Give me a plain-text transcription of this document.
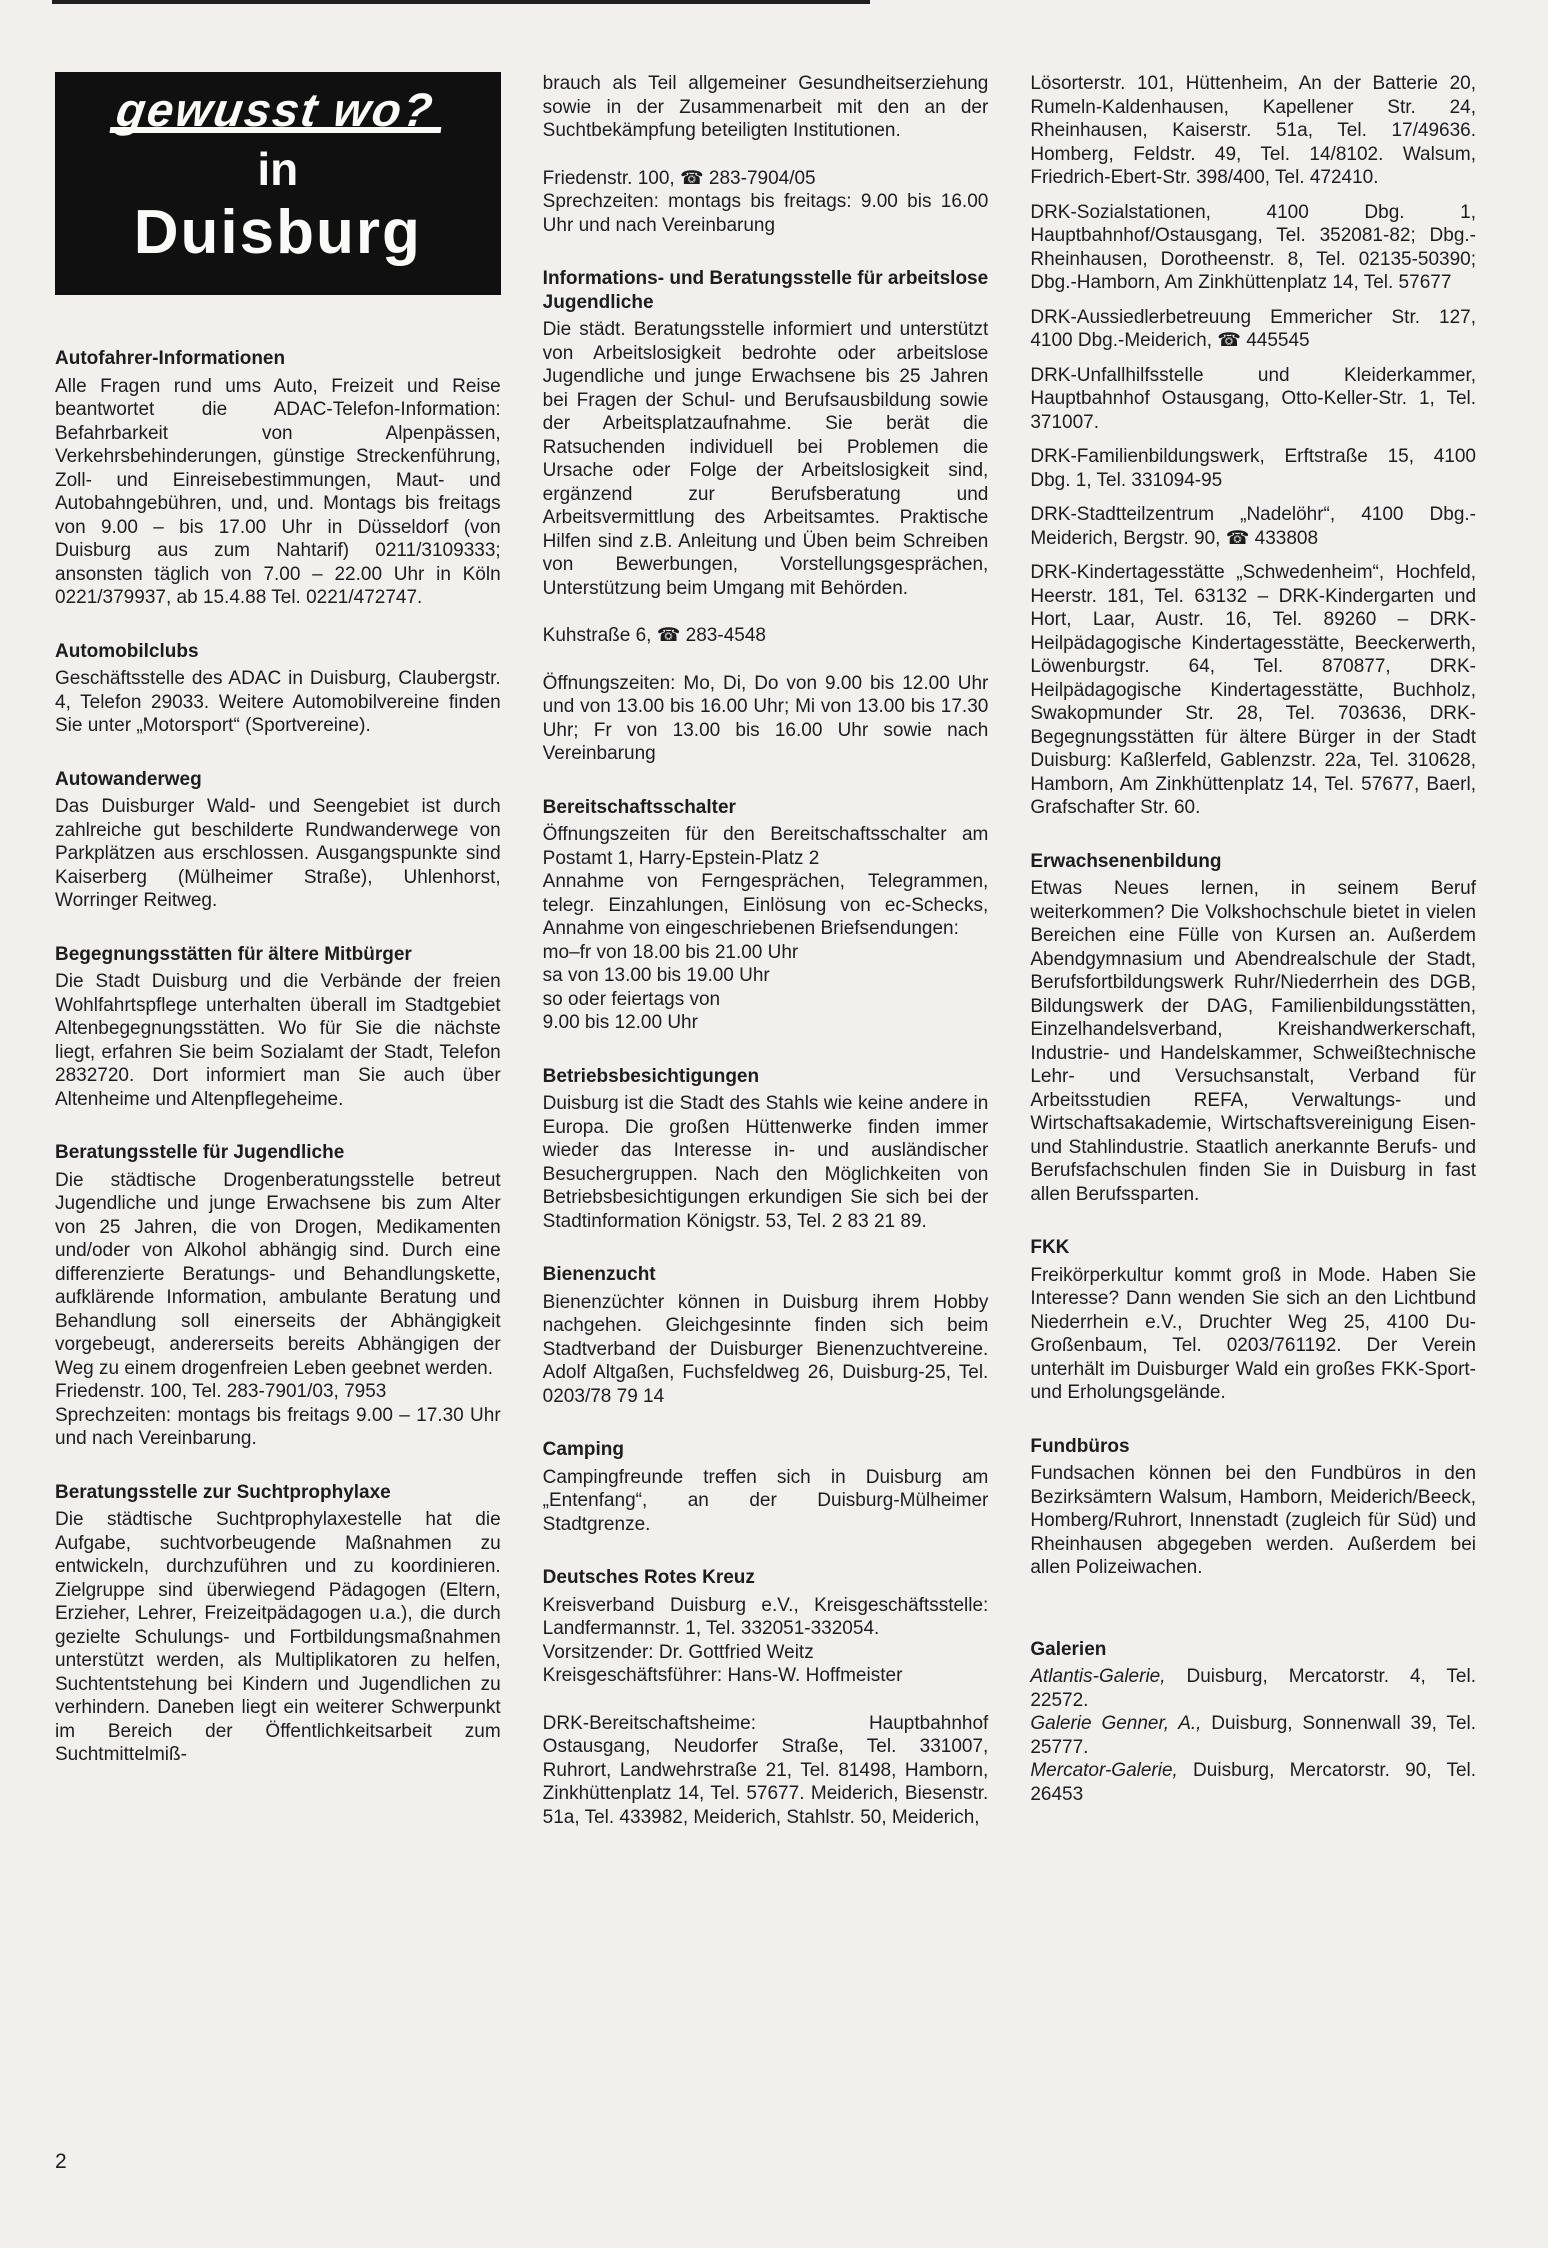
gewusst wo?
in
Duisburg
Autofahrer-Informationen

Alle Fragen rund ums Auto, Freizeit und Reise beantwortet die ADAC-Telefon-Information: Befahrbarkeit von Alpenpässen, Verkehrsbehinderungen, günstige Streckenführung, Zoll- und Einreisebestimmungen, Maut- und Autobahngebühren, und, und. Montags bis freitags von 9.00 – bis 17.00 Uhr in Düsseldorf (von Duisburg aus zum Nahtarif) 0211/3109333; ansonsten täglich von 7.00 – 22.00 Uhr in Köln 0221/379937, ab 15.4.88 Tel. 0221/472747.

Automobilclubs

Geschäftsstelle des ADAC in Duisburg, Claubergstr. 4, Telefon 29033. Weitere Automobilvereine finden Sie unter „Motorsport“ (Sportvereine).

Autowanderweg

Das Duisburger Wald- und Seengebiet ist durch zahlreiche gut beschilderte Rundwanderwege von Parkplätzen aus erschlossen. Ausgangspunkte sind Kaiserberg (Mülheimer Straße), Uhlenhorst, Worringer Reitweg.

Begegnungsstätten für ältere Mitbürger

Die Stadt Duisburg und die Verbände der freien Wohlfahrtspflege unterhalten überall im Stadtgebiet Altenbegegnungsstätten. Wo für Sie die nächste liegt, erfahren Sie beim Sozialamt der Stadt, Telefon 2832720. Dort informiert man Sie auch über Altenheime und Altenpflegeheime.

Beratungsstelle für Jugendliche

Die städtische Drogenberatungsstelle betreut Jugendliche und junge Erwachsene bis zum Alter von 25 Jahren, die von Drogen, Medikamenten und/oder von Alkohol abhängig sind. Durch eine differenzierte Beratungs- und Behandlungskette, aufklärende Information, ambulante Beratung und Behandlung soll einerseits der Abhängigkeit vorgebeugt, andererseits bereits Abhängigen der Weg zu einem drogenfreien Leben geebnet werden.

Friedenstr. 100, Tel. 283-7901/03, 7953

Sprechzeiten: montags bis freitags 9.00 – 17.30 Uhr und nach Vereinbarung.

Beratungsstelle zur Suchtprophylaxe

Die städtische Suchtprophylaxestelle hat die Aufgabe, suchtvorbeugende Maßnahmen zu entwickeln, durchzuführen und zu koordinieren. Zielgruppe sind überwiegend Pädagogen (Eltern, Erzieher, Lehrer, Freizeitpädagogen u.a.), die durch gezielte Schulungs- und Fortbildungsmaßnahmen unterstützt werden, als Multiplikatoren zu helfen, Suchtentstehung bei Kindern und Jugendlichen zu verhindern. Daneben liegt ein weiterer Schwerpunkt im Bereich der Öffentlichkeitsarbeit zum Suchtmittelmiß-

brauch als Teil allgemeiner Gesundheitserziehung sowie in der Zusammenarbeit mit den an der Suchtbekämpfung beteiligten Institutionen.

Friedenstr. 100, ☎ 283-7904/05

Sprechzeiten: montags bis freitags: 9.00 bis 16.00 Uhr und nach Vereinbarung

Informations- und Beratungsstelle für arbeitslose Jugendliche

Die städt. Beratungsstelle informiert und unterstützt von Arbeitslosigkeit bedrohte oder arbeitslose Jugendliche und junge Erwachsene bis 25 Jahren bei Fragen der Schul- und Berufsausbildung sowie der Arbeitsplatzaufnahme. Sie berät die Ratsuchenden individuell bei Problemen die Ursache oder Folge der Arbeitslosigkeit sind, ergänzend zur Berufsberatung und Arbeitsvermittlung des Arbeitsamtes. Praktische Hilfen sind z.B. Anleitung und Üben beim Schreiben von Bewerbungen, Vorstellungsgesprächen, Unterstützung beim Umgang mit Behörden.

Kuhstraße 6, ☎ 283-4548

Öffnungszeiten: Mo, Di, Do von 9.00 bis 12.00 Uhr und von 13.00 bis 16.00 Uhr; Mi von 13.00 bis 17.30 Uhr; Fr von 13.00 bis 16.00 Uhr sowie nach Vereinbarung

Bereitschaftsschalter

Öffnungszeiten für den Bereitschaftsschalter am Postamt 1, Harry-Epstein-Platz 2

Annahme von Ferngesprächen, Telegrammen, telegr. Einzahlungen, Einlösung von ec-Schecks, Annahme von eingeschriebenen Briefsendungen:

mo–fr von 18.00 bis 21.00 Uhr

sa von 13.00 bis 19.00 Uhr

so oder feiertags von

9.00 bis 12.00 Uhr

Betriebsbesichtigungen

Duisburg ist die Stadt des Stahls wie keine andere in Europa. Die großen Hüttenwerke finden immer wieder das Interesse in- und ausländischer Besuchergruppen. Nach den Möglichkeiten von Betriebsbesichtigungen erkundigen Sie sich bei der Stadtinformation Königstr. 53, Tel. 2 83 21 89.

Bienenzucht

Bienenzüchter können in Duisburg ihrem Hobby nachgehen. Gleichgesinnte finden sich beim Stadtverband der Duisburger Bienenzuchtvereine. Adolf Altgaßen, Fuchsfeldweg 26, Duisburg-25, Tel. 0203/78 79 14

Camping

Campingfreunde treffen sich in Duisburg am „Entenfang“, an der Duisburg-Mülheimer Stadtgrenze.

Deutsches Rotes Kreuz

Kreisverband Duisburg e.V., Kreisgeschäftsstelle: Landfermannstr. 1, Tel. 332051-332054.

Vorsitzender: Dr. Gottfried Weitz

Kreisgeschäftsführer: Hans-W. Hoffmeister

DRK-Bereitschaftsheime: Hauptbahnhof Ostausgang, Neudorfer Straße, Tel. 331007, Ruhrort, Landwehrstraße 21, Tel. 81498, Hamborn, Zinkhüttenplatz 14, Tel. 57677. Meiderich, Biesenstr. 51a, Tel. 433982, Meiderich, Stahlstr. 50, Meiderich,

Lösorterstr. 101, Hüttenheim, An der Batterie 20, Rumeln-Kaldenhausen, Kapellener Str. 24, Rheinhausen, Kaiserstr. 51a, Tel. 17/49636. Homberg, Feldstr. 49, Tel. 14/8102. Walsum, Friedrich-Ebert-Str. 398/400, Tel. 472410.

DRK-Sozialstationen, 4100 Dbg. 1, Hauptbahnhof/Ostausgang, Tel. 352081-82; Dbg.-Rheinhausen, Dorotheenstr. 8, Tel. 02135-50390; Dbg.-Hamborn, Am Zinkhüttenplatz 14, Tel. 57677

DRK-Aussiedlerbetreuung Emmericher Str. 127, 4100 Dbg.-Meiderich, ☎ 445545

DRK-Unfallhilfsstelle und Kleiderkammer, Hauptbahnhof Ostausgang, Otto-Keller-Str. 1, Tel. 371007.

DRK-Familienbildungswerk, Erftstraße 15, 4100 Dbg. 1, Tel. 331094-95

DRK-Stadtteilzentrum „Nadelöhr“, 4100 Dbg.-Meiderich, Bergstr. 90, ☎ 433808

DRK-Kindertagesstätte „Schwedenheim“, Hochfeld, Heerstr. 181, Tel. 63132 – DRK-Kindergarten und Hort, Laar, Austr. 16, Tel. 89260 – DRK-Heilpädagogische Kindertagesstätte, Beeckerwerth, Löwenburgstr. 64, Tel. 870877, DRK-Heilpädagogische Kindertagesstätte, Buchholz, Swakopmunder Str. 28, Tel. 703636, DRK-Begegnungsstätten für ältere Bürger in der Stadt Duisburg: Kaßlerfeld, Gablenzstr. 22a, Tel. 310628, Hamborn, Am Zinkhüttenplatz 14, Tel. 57677, Baerl, Grafschafter Str. 60.

Erwachsenenbildung

Etwas Neues lernen, in seinem Beruf weiterkommen? Die Volkshochschule bietet in vielen Bereichen eine Fülle von Kursen an. Außerdem Abendgymnasium und Abendrealschule der Stadt, Berufsfortbildungswerk Ruhr/Niederrhein des DGB, Bildungswerk der DAG, Familienbildungsstätten, Einzelhandelsverband, Kreishandwerkerschaft, Industrie- und Handelskammer, Schweißtechnische Lehr- und Versuchsanstalt, Verband für Arbeitsstudien REFA, Verwaltungs- und Wirtschaftsakademie, Wirtschaftsvereinigung Eisen- und Stahlindustrie. Staatlich anerkannte Berufs- und Berufsfachschulen finden Sie in Duisburg in fast allen Berufssparten.

FKK

Freikörperkultur kommt groß in Mode. Haben Sie Interesse? Dann wenden Sie sich an den Lichtbund Niederrhein e.V., Druchter Weg 25, 4100 Du-Großenbaum, Tel. 0203/761192. Der Verein unterhält im Duisburger Wald ein großes FKK-Sport- und Erholungsgelände.

Fundbüros

Fundsachen können bei den Fundbüros in den Bezirksämtern Walsum, Hamborn, Meiderich/Beeck, Homberg/Ruhrort, Innenstadt (zugleich für Süd) und Rheinhausen abgegeben werden. Außerdem bei allen Polizeiwachen.

Galerien

Atlantis-Galerie, Duisburg, Mercatorstr. 4, Tel. 22572.

Galerie Genner, A., Duisburg, Sonnenwall 39, Tel. 25777.

Mercator-Galerie, Duisburg, Mercatorstr. 90, Tel. 26453

2
